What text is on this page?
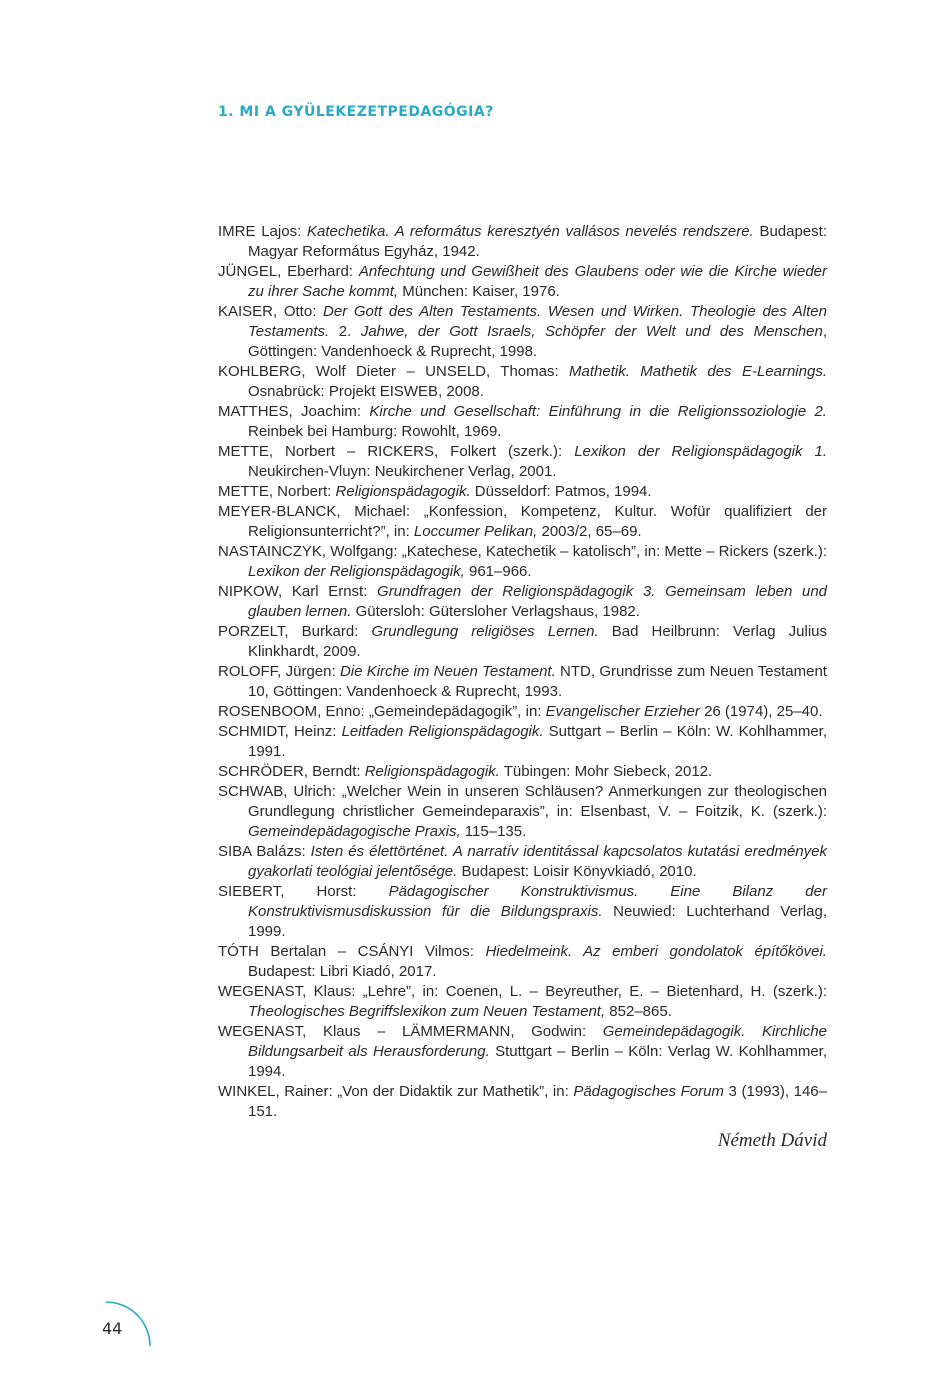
1. MI A GYÜLEKEZETPEDAGÓGIA?
IMRE Lajos: Katechetika. A református keresztyén vallásos nevelés rendszere. Budapest: Magyar Református Egyház, 1942.
JÜNGEL, Eberhard: Anfechtung und Gewißheit des Glaubens oder wie die Kirche wieder zu ihrer Sache kommt, München: Kaiser, 1976.
KAISER, Otto: Der Gott des Alten Testaments. Wesen und Wirken. Theologie des Alten Testaments. 2. Jahwe, der Gott Israels, Schöpfer der Welt und des Menschen, Göttingen: Vandenhoeck & Ruprecht, 1998.
KOHLBERG, Wolf Dieter – UNSELD, Thomas: Mathetik. Mathetik des E-Learnings. Osnabrück: Projekt EISWEB, 2008.
MATTHES, Joachim: Kirche und Gesellschaft: Einführung in die Religionssoziologie 2. Reinbek bei Hamburg: Rowohlt, 1969.
METTE, Norbert – RICKERS, Folkert (szerk.): Lexikon der Religionspädagogik 1. Neukirchen-Vluyn: Neukirchener Verlag, 2001.
METTE, Norbert: Religionspädagogik. Düsseldorf: Patmos, 1994.
MEYER-BLANCK, Michael: „Konfession, Kompetenz, Kultur. Wofür qualifiziert der Religionsunterricht?”, in: Loccumer Pelikan, 2003/2, 65–69.
NASTAINCZYK, Wolfgang: „Katechese, Katechetik – katolisch”, in: Mette – Rickers (szerk.): Lexikon der Religionspädagogik, 961–966.
NIPKOW, Karl Ernst: Grundfragen der Religionspädagogik 3. Gemeinsam leben und glauben lernen. Gütersloh: Gütersloher Verlagshaus, 1982.
PORZELT, Burkard: Grundlegung religiöses Lernen. Bad Heilbrunn: Verlag Julius Klinkhardt, 2009.
ROLOFF, Jürgen: Die Kirche im Neuen Testament. NTD, Grundrisse zum Neuen Testament 10, Göttingen: Vandenhoeck & Ruprecht, 1993.
ROSENBOOM, Enno: „Gemeindepädagogik”, in: Evangelischer Erzieher 26 (1974), 25–40.
SCHMIDT, Heinz: Leitfaden Religionspädagogik. Suttgart – Berlin – Köln: W. Kohlhammer, 1991.
SCHRÖDER, Berndt: Religionspädagogik. Tübingen: Mohr Siebeck, 2012.
SCHWAB, Ulrich: „Welcher Wein in unseren Schläusen? Anmerkungen zur theologischen Grundlegung christlicher Gemeindeparaxis”, in: Elsenbast, V. – Foitzik, K. (szerk.): Gemeindepädagogische Praxis, 115–135.
SIBA Balázs: Isten és élettörténet. A narratív identitással kapcsolatos kutatási eredmények gyakorlati teológiai jelentősége. Budapest: Loisir Könyvkiadó, 2010.
SIEBERT, Horst: Pädagogischer Konstruktivismus. Eine Bilanz der Konstruktivismusdiskussion für die Bildungspraxis. Neuwied: Luchterhand Verlag, 1999.
TÓTH Bertalan – CSÁNYI Vilmos: Hiedelmeink. Az emberi gondolatok építőkövei. Budapest: Libri Kiadó, 2017.
WEGENAST, Klaus: „Lehre”, in: Coenen, L. – Beyreuther, E. – Bietenhard, H. (szerk.): Theologisches Begriffslexikon zum Neuen Testament, 852–865.
WEGENAST, Klaus – LÄMMERMANN, Godwin: Gemeindepädagogik. Kirchliche Bildungsarbeit als Herausforderung. Stuttgart – Berlin – Köln: Verlag W. Kohlhammer, 1994.
WINKEL, Rainer: „Von der Didaktik zur Mathetik”, in: Pädagogisches Forum 3 (1993), 146–151.
Németh Dávid
44
